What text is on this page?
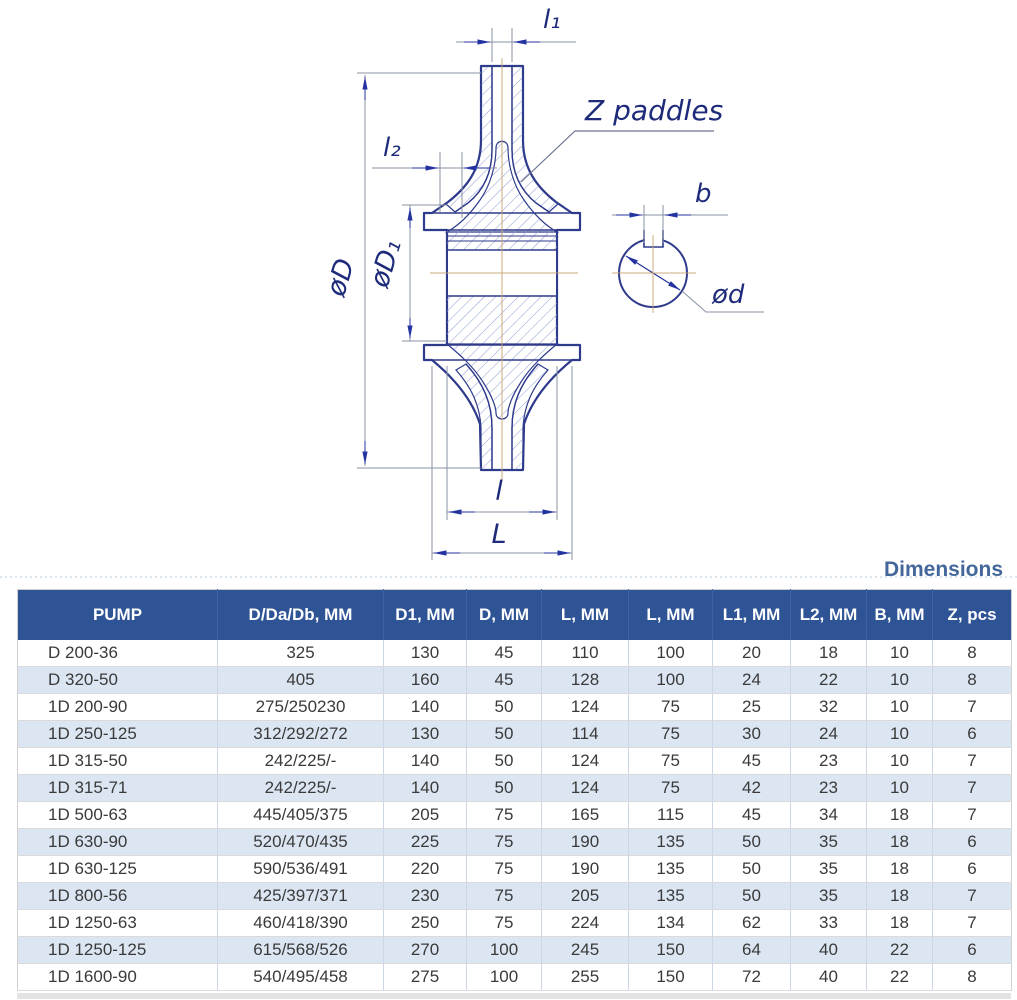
Z paddles
l₁
l₂
øD øD₁
l
L
b
ød
Dimensions
PUMP	D/Da/Db, MM	D1, MM	D, MM	L, MM	L, MM	L1, MM	L2, MM	B, MM	Z, pcs
D 200-36	325	130	45	110	100	20	18	10	8
D 320-50	405	160	45	128	100	24	22	10	8
1D 200-90	275/250230	140	50	124	75	25	32	10	7
1D 250-125	312/292/272	130	50	114	75	30	24	10	6
1D 315-50	242/225/-	140	50	124	75	45	23	10	7
1D 315-71	242/225/-	140	50	124	75	42	23	10	7
1D 500-63	445/405/375	205	75	165	115	45	34	18	7
1D 630-90	520/470/435	225	75	190	135	50	35	18	6
1D 630-125	590/536/491	220	75	190	135	50	35	18	6
1D 800-56	425/397/371	230	75	205	135	50	35	18	7
1D 1250-63	460/418/390	250	75	224	134	62	33	18	7
1D 1250-125	615/568/526	270	100	245	150	64	40	22	6
1D 1600-90	540/495/458	275	100	255	150	72	40	22	8
